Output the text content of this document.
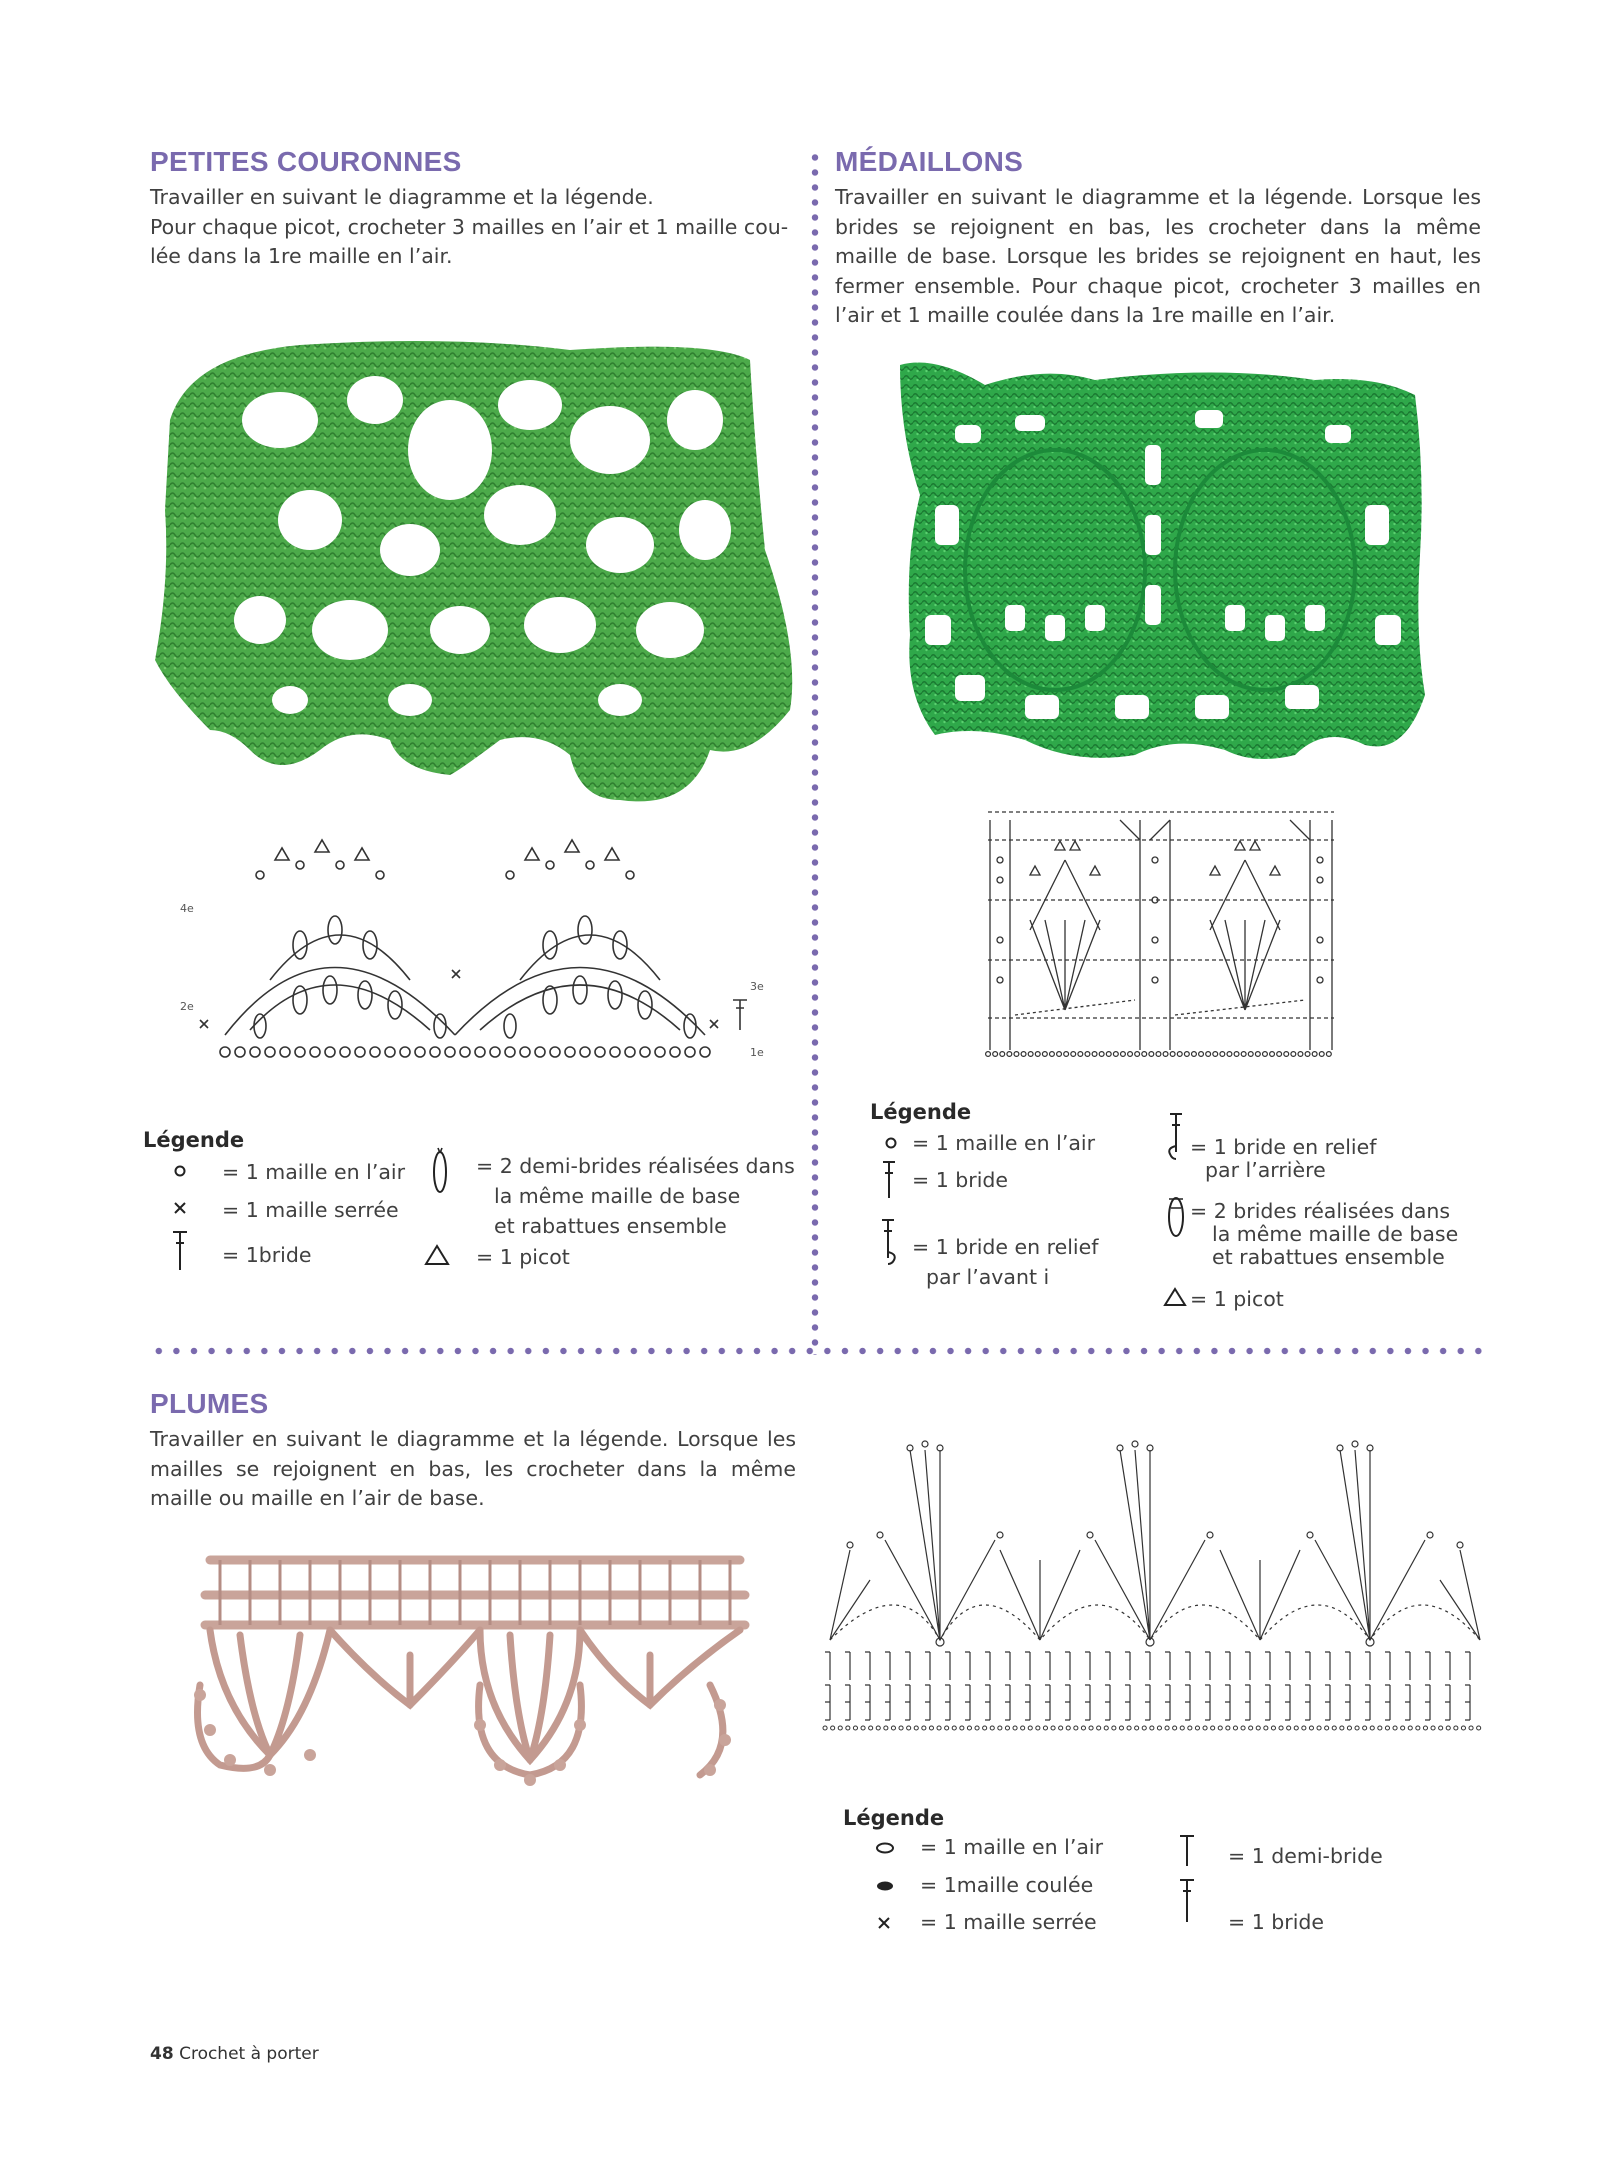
PETITES COURONNES

Travailler en suivant le diagramme et la légende.

Pour chaque picot, crocheter 3 mailles en l’air et 1 maille cou-

lée dans la 1re maille en l’air.

4e
3e
2e
1e
Légende
= 1 maille en l’air
= 1 maille serrée
= 1bride
= 2 demi-brides réalisées dans
la même maille de base
et rabattues ensemble
= 1 picot
MÉDAILLONS
Travailler en suivant le diagramme et la légende. Lorsque les brides se rejoignent en bas, les crocheter dans la même maille de base. Lorsque les brides se rejoignent en haut, les fermer ensemble. Pour chaque picot, crocheter 3 mailles en l’air et 1 maille coulée dans la 1re maille en l’air.
Légende
= 1 maille en l’air
= 1 bride
= 1 bride en relief
par l’avant i
= 1 bride en relief
par l’arrière
= 2 brides réalisées dans
la même maille de base
et rabattues ensemble
= 1 picot
PLUMES
Travailler en suivant le diagramme et la légende. Lorsque les mailles se rejoignent en bas, les crocheter dans la même maille ou maille en l’air de base.
Légende
= 1 maille en l’air
= 1maille coulée
= 1 maille serrée
= 1 demi-bride
= 1 bride
48 Crochet à porter
